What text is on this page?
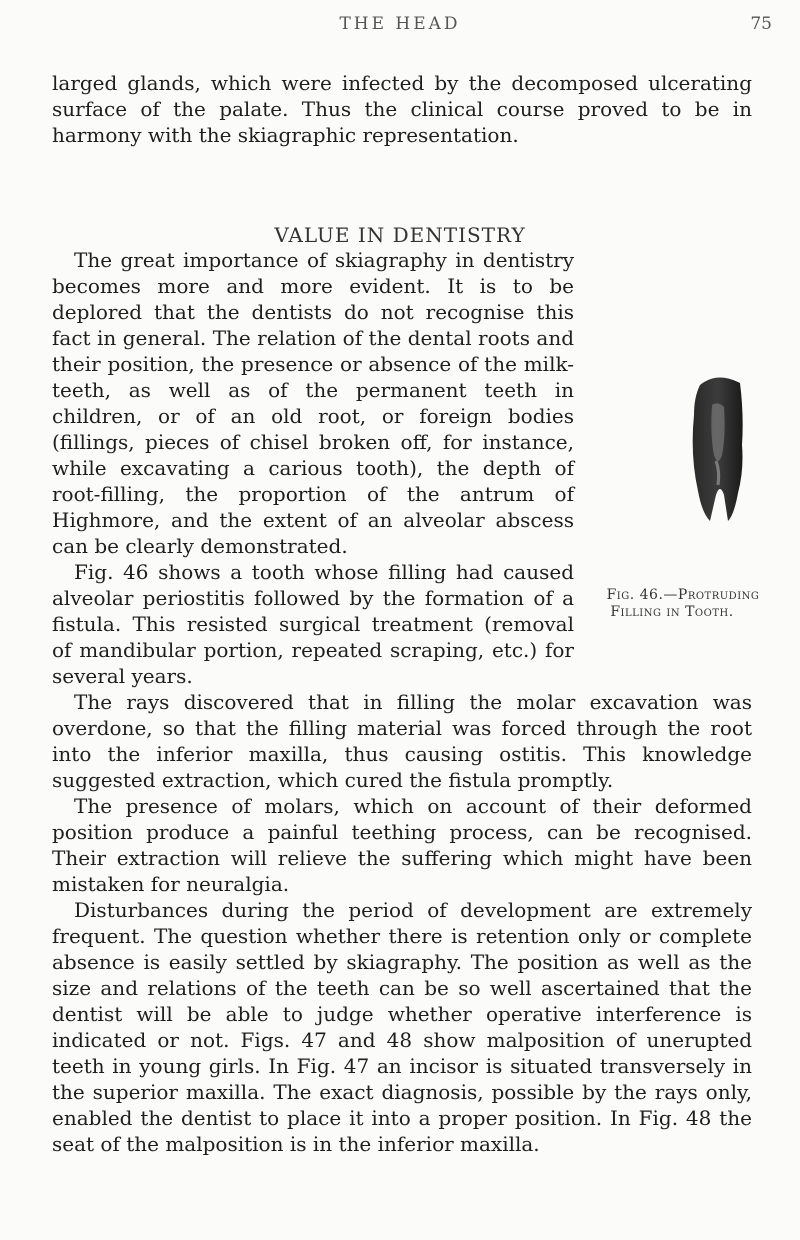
THE HEAD	75
larged glands, which were infected by the decomposed ulcerating surface of the palate. Thus the clinical course proved to be in harmony with the skiagraphic representation.
VALUE IN DENTISTRY
Fig. 46.—Protruding
Filling in Tooth.
The great importance of skiagraphy in dentistry becomes more and more evident. It is to be deplored that the dentists do not recognise this fact in general. The relation of the dental roots and their position, the presence or absence of the milk-teeth, as well as of the permanent teeth in children, or of an old root, or foreign bodies (fillings, pieces of chisel broken off, for instance, while excavating a carious tooth), the depth of root-filling, the proportion of the antrum of Highmore, and the extent of an alveolar abscess can be clearly demonstrated.
Fig. 46 shows a tooth whose filling had caused alveolar periostitis followed by the formation of a fistula. This resisted surgical treatment (removal of mandibular portion, repeated scraping, etc.) for several years.
The rays discovered that in filling the molar excavation was overdone, so that the filling material was forced through the root into the inferior maxilla, thus causing ostitis. This knowledge suggested extraction, which cured the fistula promptly.
The presence of molars, which on account of their deformed position produce a painful teething process, can be recognised. Their extraction will relieve the suffering which might have been mistaken for neuralgia.
Disturbances during the period of development are extremely frequent. The question whether there is retention only or complete absence is easily settled by skiagraphy. The position as well as the size and relations of the teeth can be so well ascertained that the dentist will be able to judge whether operative interference is indicated or not. Figs. 47 and 48 show malposition of unerupted teeth in young girls. In Fig. 47 an incisor is situated transversely in the superior maxilla. The exact diagnosis, possible by the rays only, enabled the dentist to place it into a proper position. In Fig. 48 the seat of the malposition is in the inferior maxilla.
